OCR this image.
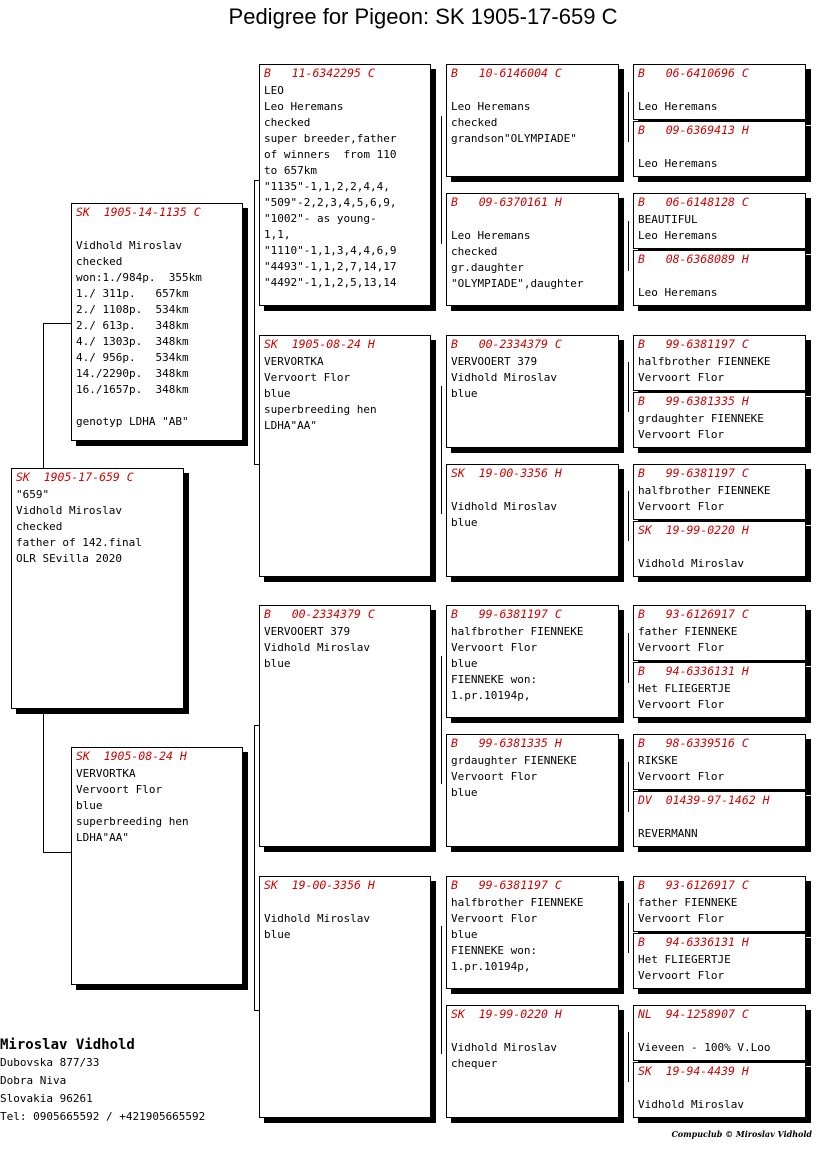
Pedigree for Pigeon: SK 1905-17-659 C
SK  1905-17-659 C
"659"
Vidhold Miroslav
checked
father of 142.final
OLR SEvilla 2020
SK  1905-14-1135 C

Vidhold Miroslav
checked
won:1./984p.  355km
1./ 311p.   657km
2./ 1108p.  534km
2./ 613p.   348km
4./ 1303p.  348km
4./ 956p.   534km
14./2290p.  348km
16./1657p.  348km

genotyp LDHA "AB"
SK  1905-08-24 H
VERVORTKA
Vervoort Flor
blue
superbreeding hen
LDHA"AA"
B   11-6342295 C
LEO
Leo Heremans
checked
super breeder,father
of winners  from 110
to 657km
"1135"-1,1,2,2,4,4,
"509"-2,2,3,4,5,6,9,
"1002"- as young-
1,1,
"1110"-1,1,3,4,4,6,9
"4493"-1,1,2,7,14,17
"4492"-1,1,2,5,13,14
SK  1905-08-24 H
VERVORTKA
Vervoort Flor
blue
superbreeding hen
LDHA"AA"
B   00-2334379 C
VERVOOERT 379
Vidhold Miroslav
blue
SK  19-00-3356 H

Vidhold Miroslav
blue
B   10-6146004 C

Leo Heremans
checked
grandson"OLYMPIADE"
B   09-6370161 H

Leo Heremans
checked
gr.daughter
"OLYMPIADE",daughter
B   00-2334379 C
VERVOOERT 379
Vidhold Miroslav
blue
SK  19-00-3356 H

Vidhold Miroslav
blue
B   99-6381197 C
halfbrother FIENNEKE
Vervoort Flor
blue
FIENNEKE won:
1.pr.10194p,
B   99-6381335 H
grdaughter FIENNEKE
Vervoort Flor
blue
B   99-6381197 C
halfbrother FIENNEKE
Vervoort Flor
blue
FIENNEKE won:
1.pr.10194p,
SK  19-99-0220 H

Vidhold Miroslav
chequer
B   06-6410696 C

Leo Heremans
B   09-6369413 H

Leo Heremans
B   06-6148128 C
BEAUTIFUL
Leo Heremans
B   08-6368089 H

Leo Heremans
B   99-6381197 C
halfbrother FIENNEKE
Vervoort Flor
B   99-6381335 H
grdaughter FIENNEKE
Vervoort Flor
B   99-6381197 C
halfbrother FIENNEKE
Vervoort Flor
SK  19-99-0220 H

Vidhold Miroslav
B   93-6126917 C
father FIENNEKE
Vervoort Flor
B   94-6336131 H
Het FLIEGERTJE
Vervoort Flor
B   98-6339516 C
RIKSKE
Vervoort Flor
DV  01439-97-1462 H

REVERMANN
B   93-6126917 C
father FIENNEKE
Vervoort Flor
B   94-6336131 H
Het FLIEGERTJE
Vervoort Flor
NL  94-1258907 C

Vieveen - 100% V.Loo
SK  19-94-4439 H

Vidhold Miroslav
Miroslav Vidhold
Dubovska 877/33
Dobra Niva
Slovakia 96261
Tel: 0905665592 / +421905665592
Compuclub © Miroslav Vidhold
